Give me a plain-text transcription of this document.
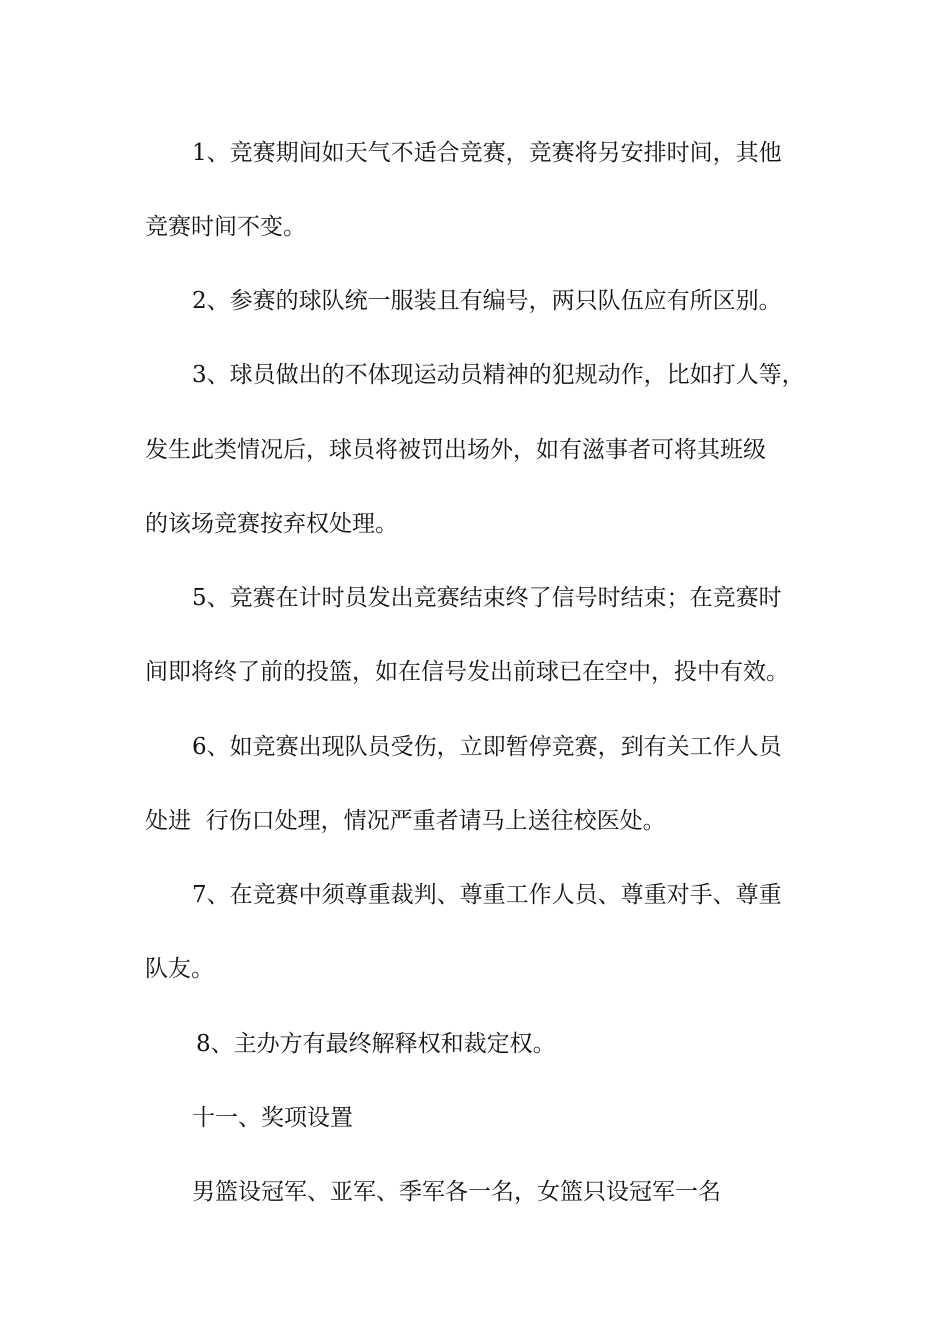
1、竞赛期间如天气不适合竞赛，竞赛将另安排时间，其他
竞赛时间不变。
2、参赛的球队统一服装且有编号，两只队伍应有所区别。
3、球员做出的不体现运动员精神的犯规动作，比如打人等，
发生此类情况后，球员将被罚出场外，如有滋事者可将其班级
的该场竞赛按弃权处理。
5、竞赛在计时员发出竞赛结束终了信号时结束；在竞赛时
间即将终了前的投篮，如在信号发出前球已在空中，投中有效。
6、如竞赛出现队员受伤，立即暂停竞赛，到有关工作人员
处进  行伤口处理，情况严重者请马上送往校医处。
7、在竞赛中须尊重裁判、尊重工作人员、尊重对手、尊重
队友。
8、主办方有最终解释权和裁定权。
十一、奖项设置
男篮设冠军、亚军、季军各一名，女篮只设冠军一名
